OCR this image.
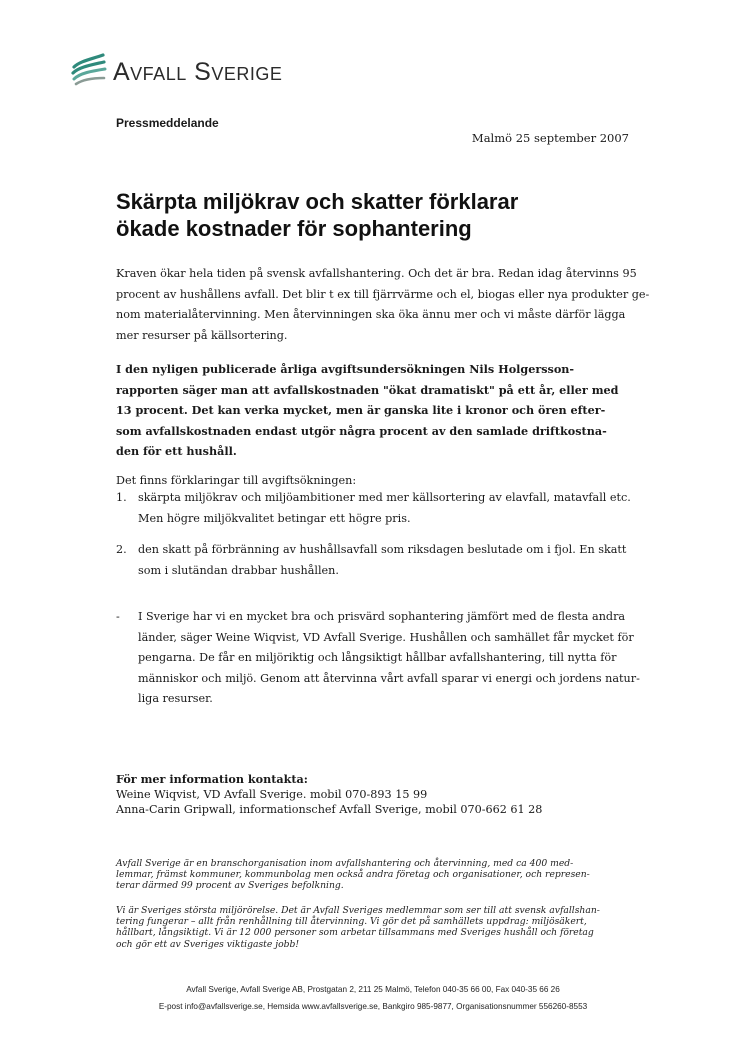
Avfall Sverige
Pressmeddelande
Malmö 25 september 2007
Skärpta miljökrav och skatter förklarar
ökade kostnader för sophantering
Kraven ökar hela tiden på svensk avfallshantering. Och det är bra. Redan idag återvinns 95
procent av hushållens avfall. Det blir t ex till fjärrvärme och el, biogas eller nya produkter ge-
nom materialåtervinning. Men återvinningen ska öka ännu mer och vi måste därför lägga
mer resurser på källsortering.
I den nyligen publicerade årliga avgiftsundersökningen Nils Holgersson-
rapporten säger man att avfallskostnaden "ökat dramatiskt" på ett år, eller med
13 procent. Det kan verka mycket, men är ganska lite i kronor och ören efter-
som avfallskostnaden endast utgör några procent av den samlade driftkostna-
den för ett hushåll.
Det finns förklaringar till avgiftsökningen:
1. skärpta miljökrav och miljöambitioner med mer källsortering av elavfall, matavfall etc.
Men högre miljökvalitet betingar ett högre pris.
2. den skatt på förbränning av hushållsavfall som riksdagen beslutade om i fjol. En skatt
som i slutändan drabbar hushållen.
- I Sverige har vi en mycket bra och prisvärd sophantering jämfört med de flesta andra
länder, säger Weine Wiqvist, VD Avfall Sverige. Hushållen och samhället får mycket för
pengarna. De får en miljöriktig och långsiktigt hållbar avfallshantering, till nytta för
människor och miljö. Genom att återvinna vårt avfall sparar vi energi och jordens natur-
liga resurser.
För mer information kontakta:
Weine Wiqvist, VD Avfall Sverige. mobil 070-893 15 99
Anna-Carin Gripwall, informationschef Avfall Sverige, mobil 070-662 61 28
Avfall Sverige är en branschorganisation inom avfallshantering och återvinning, med ca 400 med-
lemmar, främst kommuner, kommunbolag men också andra företag och organisationer, och represen-
terar därmed 99 procent av Sveriges befolkning.
Vi är Sveriges största miljörörelse. Det är Avfall Sveriges medlemmar som ser till att svensk avfallshan-
tering fungerar – allt från renhållning till återvinning. Vi gör det på samhällets uppdrag: miljösäkert,
hållbart, långsiktigt. Vi är 12 000 personer som arbetar tillsammans med Sveriges hushåll och företag
och gör ett av Sveriges viktigaste jobb!
Avfall Sverige, Avfall Sverige AB, Prostgatan 2, 211 25 Malmö, Telefon 040-35 66 00, Fax 040-35 66 26
E-post info@avfallsverige.se, Hemsida www.avfallsverige.se, Bankgiro 985-9877, Organisationsnummer 556260-8553
